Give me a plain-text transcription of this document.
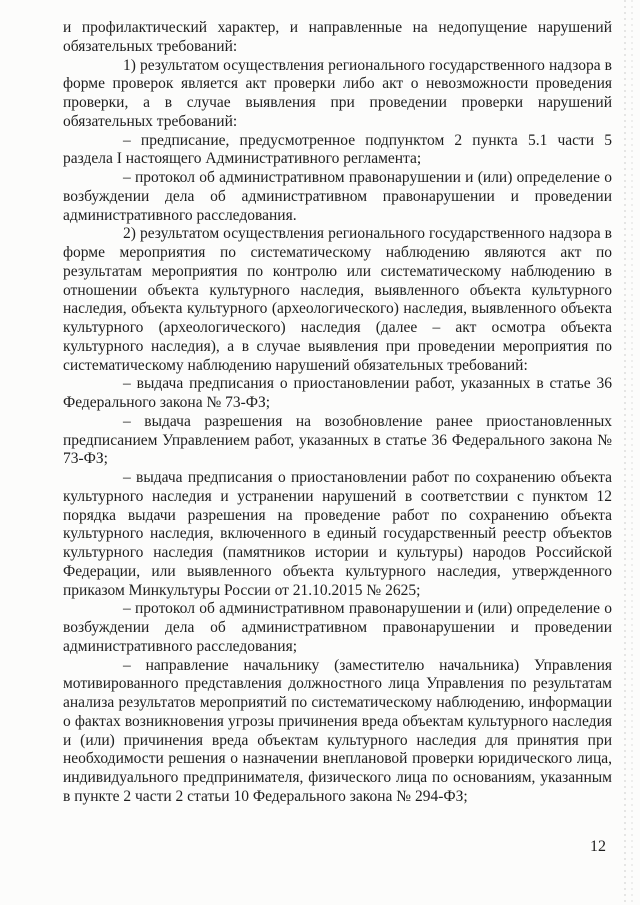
и профилактический характер, и направленные на недопущение нарушений обязательных требований:

1) результатом осуществления регионального государственного надзора в форме проверок является акт проверки либо акт о невозможности проведения проверки, а в случае выявления при проведении проверки нарушений обязательных требований:

– предписание, предусмотренное подпунктом 2 пункта 5.1 части 5 раздела I настоящего Административного регламента;

– протокол об административном правонарушении и (или) определение о возбуждении дела об административном правонарушении и проведении административного расследования.

2) результатом осуществления регионального государственного надзора в форме мероприятия по систематическому наблюдению являются акт по результатам мероприятия по контролю или систематическому наблюдению в отношении объекта культурного наследия, выявленного объекта культурного наследия, объекта культурного (археологического) наследия, выявленного объекта культурного (археологического) наследия (далее – акт осмотра объекта культурного наследия), а в случае выявления при проведении мероприятия по систематическому наблюдению нарушений обязательных требований:

– выдача предписания о приостановлении работ, указанных в статье 36 Федерального закона № 73-ФЗ;

– выдача разрешения на возобновление ранее приостановленных предписанием Управлением работ, указанных в статье 36 Федерального закона № 73-ФЗ;

– выдача предписания о приостановлении работ по сохранению объекта культурного наследия и устранении нарушений в соответствии с пунктом 12 порядка выдачи разрешения на проведение работ по сохранению объекта культурного наследия, включенного в единый государственный реестр объектов культурного наследия (памятников истории и культуры) народов Российской Федерации, или выявленного объекта культурного наследия, утвержденного приказом Минкультуры России от 21.10.2015 № 2625;

– протокол об административном правонарушении и (или) определение о возбуждении дела об административном правонарушении и проведении административного расследования;

– направление начальнику (заместителю начальника) Управления мотивированного представления должностного лица Управления по результатам анализа результатов мероприятий по систематическому наблюдению, информации о фактах возникновения угрозы причинения вреда объектам культурного наследия и (или) причинения вреда объектам культурного наследия для принятия при необходимости решения о назначении внеплановой проверки юридического лица, индивидуального предпринимателя, физического лица по основаниям, указанным в пункте 2 части 2 статьи 10 Федерального закона № 294-ФЗ;

12
